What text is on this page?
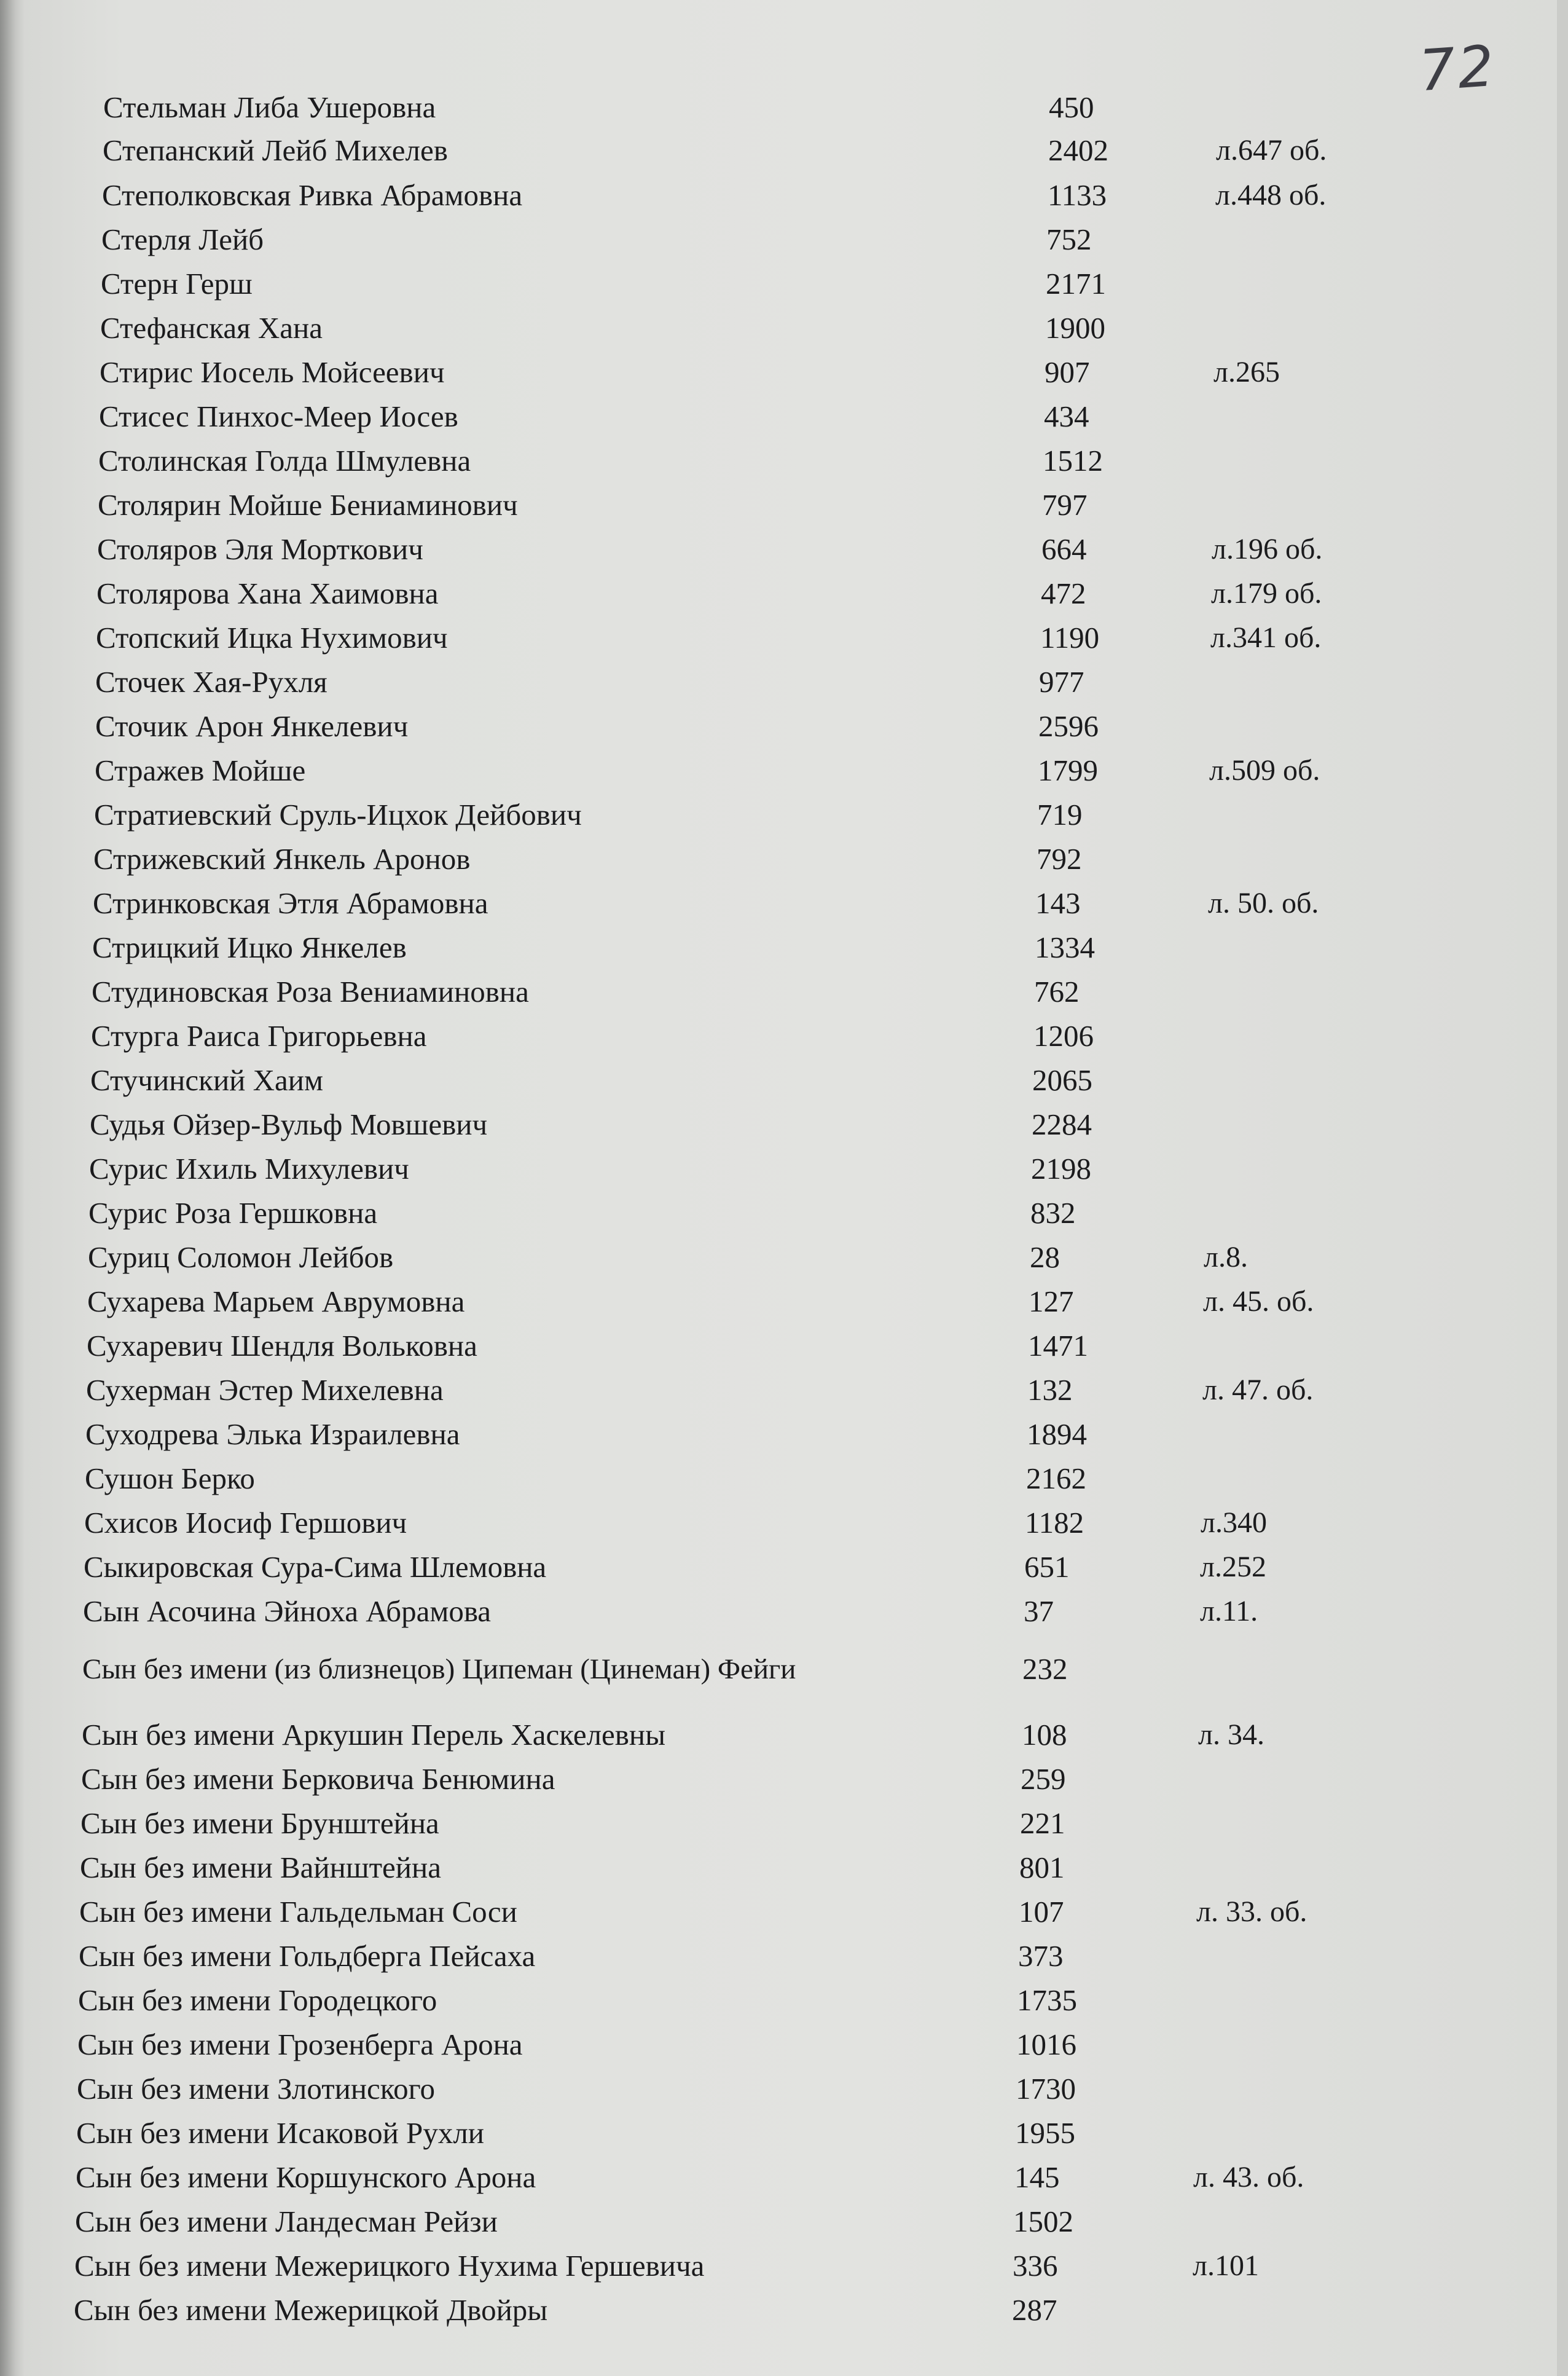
72
Стельман Либа Ушеровна	450
Степанский Лейб Михелев	2402	л.647 об.
Степолковская Ривка Абрамовна	1133	л.448 об.
Стерля Лейб	752
Стерн Герш	2171
Стефанская Хана	1900
Стирис Иосель Мойсеевич	907	л.265
Стисес Пинхос-Меер Иосев	434
Столинская Голда Шмулевна	1512
Столярин Мойше Бениаминович	797
Столяров Эля Морткович	664	л.196 об.
Столярова Хана Хаимовна	472	л.179 об.
Стопский Ицка Нухимович	1190	л.341 об.
Сточек Хая-Рухля	977
Сточик Арон Янкелевич	2596
Стражев Мойше	1799	л.509 об.
Стратиевский Сруль-Ицхок Дейбович	719
Стрижевский Янкель Аронов	792
Стринковская Этля Абрамовна	143	л. 50. об.
Стрицкий Ицко Янкелев	1334
Студиновская Роза Вениаминовна	762
Стурга Раиса Григорьевна	1206
Стучинский Хаим	2065
Судья Ойзер-Вульф Мовшевич	2284
Сурис Ихиль Михулевич	2198
Сурис Роза Гершковна	832
Суриц Соломон Лейбов	28	л.8.
Сухарева Марьем Аврумовна	127	л. 45. об.
Сухаревич Шендля Вольковна	1471
Сухерман Эстер Михелевна	132	л. 47. об.
Суходрева Элька Израилевна	1894
Сушон Берко	2162
Схисов Иосиф Гершович	1182	л.340
Сыкировская Сура-Сима Шлемовна	651	л.252
Сын Асочина Эйноха Абрамова	37	л.11.
Сын без имени (из близнецов) Ципеман (Цинеман) Фейги	232
Сын без имени Аркушин Перель Хаскелевны	108	л. 34.
Сын без имени Берковича Бенюмина	259
Сын без имени Брунштейна	221
Сын без имени Вайнштейна	801
Сын без имени Гальдельман Соси	107	л. 33. об.
Сын без имени Гольдберга Пейсаха	373
Сын без имени Городецкого	1735
Сын без имени Грозенберга Арона	1016
Сын без имени Злотинского	1730
Сын без имени Исаковой Рухли	1955
Сын без имени Коршунского Арона	145	л. 43. об.
Сын без имени Ландесман Рейзи	1502
Сын без имени Межерицкого Нухима Гершевича	336	л.101
Сын без имени Межерицкой Двойры	287
